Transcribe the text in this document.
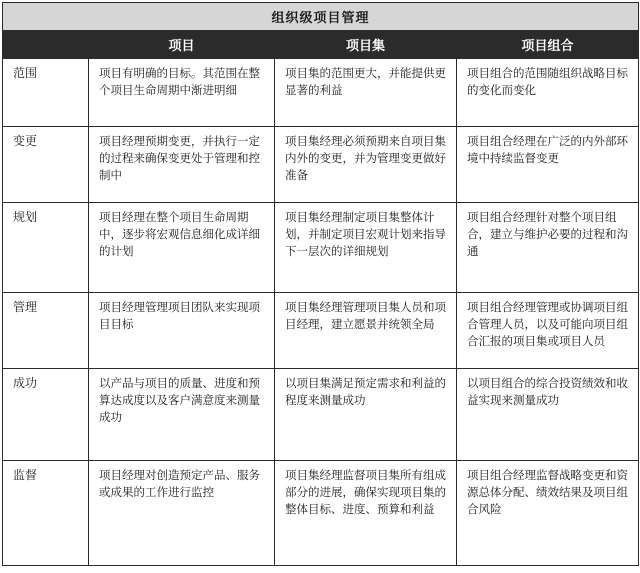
组织级项目管理			
	项目	项目集	项目组合

范围	项目有明确的目标。其范围在整个项目生命周期中渐进明细	项目集的范围更大，并能提供更显著的利益	项目组合的范围随组织战略目标的变化而变化

变更	项目经理预期变更，并执行一定的过程来确保变更处于管理和控制中	项目集经理必须预期来自项目集内外的变更，并为管理变更做好准备	项目组合经理在广泛的内外部环境中持续监督变更

规划	项目经理在整个项目生命周期中，逐步将宏观信息细化成详细的计划	项目集经理制定项目集整体计划，并制定项目宏观计划来指导下一层次的详细规划	项目组合经理针对整个项目组合，建立与维护必要的过程和沟通

管理	项目经理管理项目团队来实现项目目标	项目集经理管理项目集人员和项目经理，建立愿景并统领全局	项目组合经理管理或协调项目组合管理人员，以及可能向项目组合汇报的项目集或项目人员

成功	以产品与项目的质量、进度和预算达成度以及客户满意度来测量成功	以项目集满足预定需求和利益的程度来测量成功	以项目组合的综合投资绩效和收益实现来测量成功

监督	项目经理对创造预定产品、服务或成果的工作进行监控	项目集经理监督项目集所有组成部分的进展，确保实现项目集的整体目标、进度、预算和利益	项目组合经理监督战略变更和资源总体分配、绩效结果及项目组合风险
